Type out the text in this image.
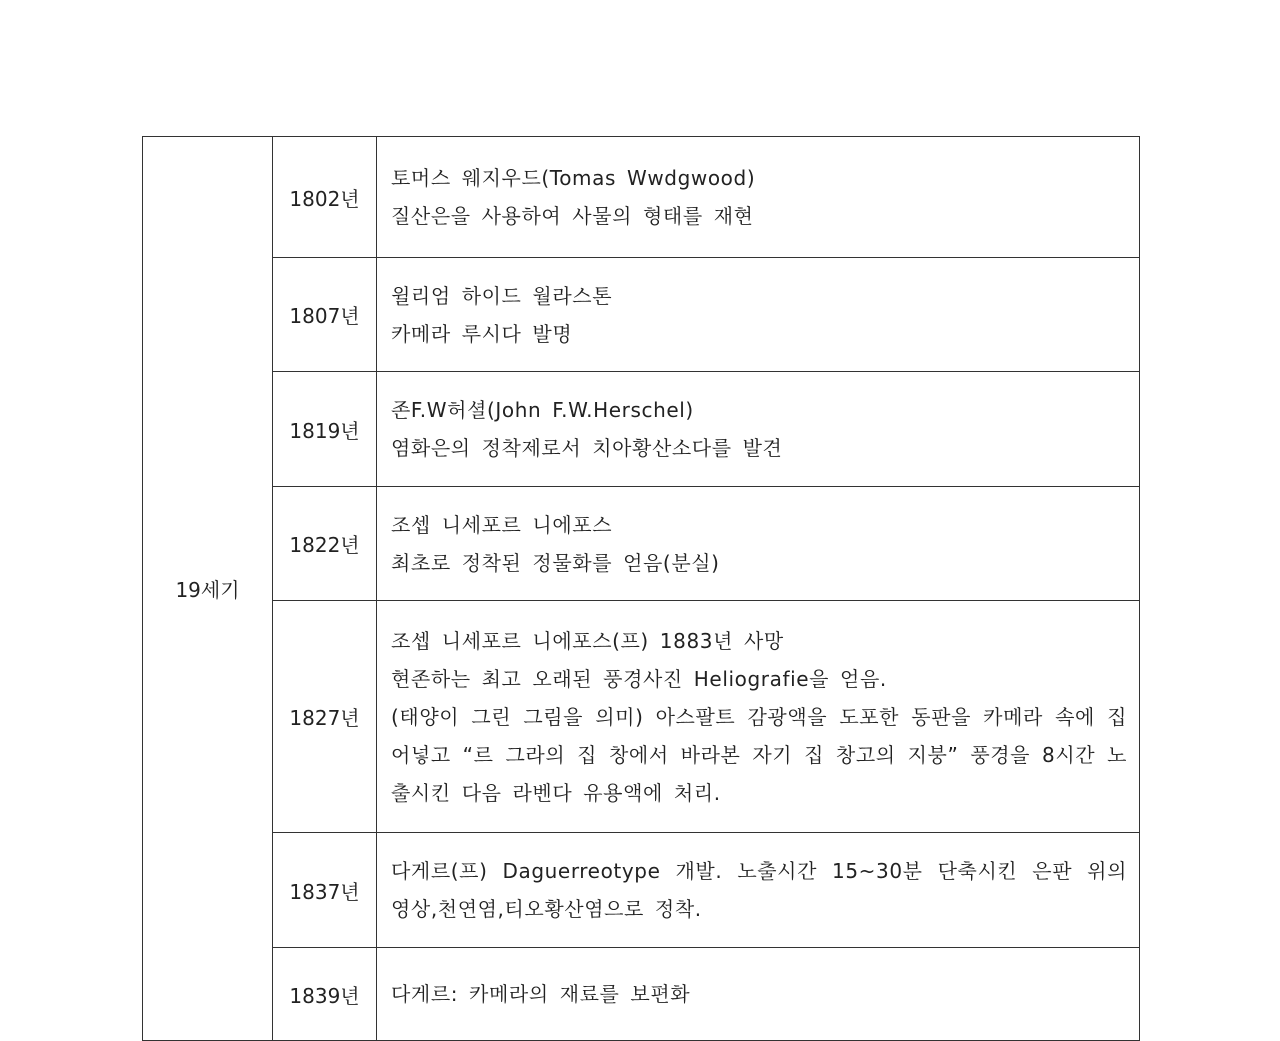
19세기	1802년	토머스 웨지우드(Tomas Wwdgwood)
질산은을 사용하여 사물의 형태를 재현

	1807년	윌리엄 하이드 월라스톤
카메라 루시다 발명

	1819년	존F.W허셜(John F.W.Herschel)
염화은의 정착제로서 치아황산소다를 발견

	1822년	조셉 니세포르 니에포스
최초로 정착된 정물화를 얻음(분실)

	1827년	조셉 니세포르 니에포스(프) 1883년 사망
현존하는 최고 오래된 풍경사진 Heliografie을 얻음.
(태양이 그린 그림을 의미) 아스팔트 감광액을 도포한 동판을 카메라 속에 집어넣고 “르 그라의 집 창에서 바라본 자기 집 창고의 지붕” 풍경을 8시간 노출시킨 다음 라벤다 유용액에 처리.

	1837년	다게르(프) Daguerreotype 개발. 노출시간 15~30분 단축시킨 은판 위의 영상,천연염,티오황산염으로 정착.

	1839년	다게르: 카메라의 재료를 보편화
